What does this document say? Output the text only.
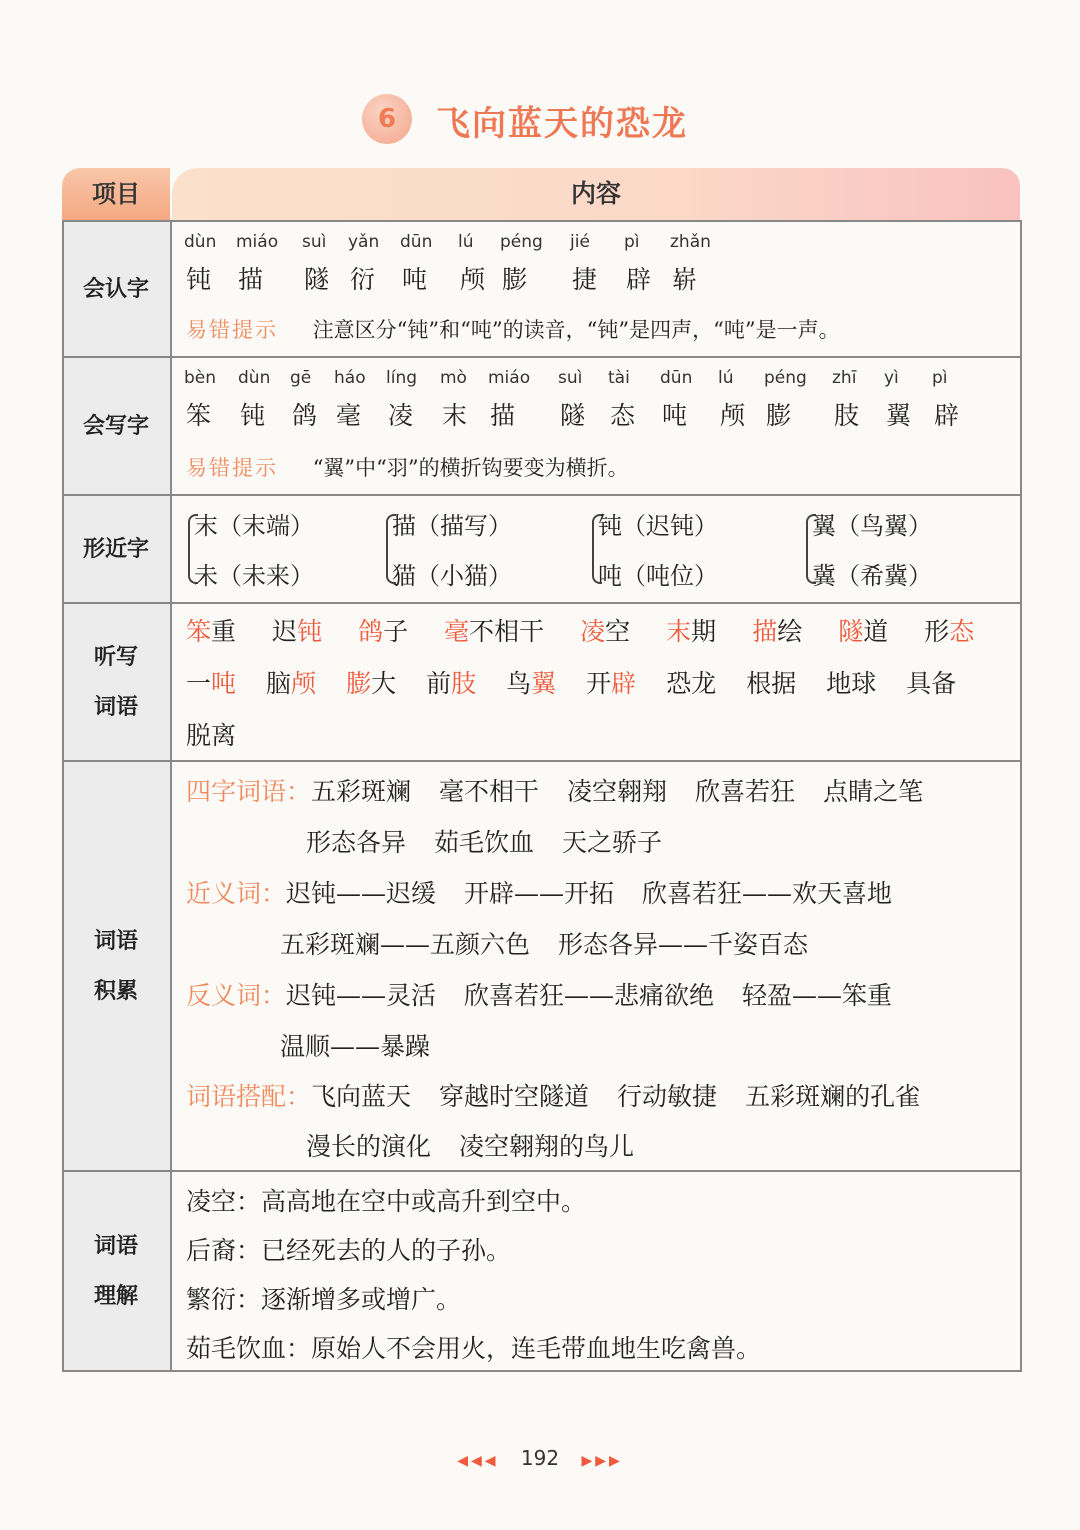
6	飞向蓝天的恐龙
项目	内容
会认字
易错提示 注意区分“钝”和“吨”的读音，“钝”是四声，“吨”是一声。
dùn
钝
miáo
描
suì
隧
yǎn
衍
dūn
吨
lú
颅
péng
膨
jié
捷
pì
辟
zhǎn
崭
会写字
易错提示 “翼”中“羽”的横折钩要变为横折。
bèn
笨
dùn
钝
gē
鸽
háo
毫
líng
凌
mò
末
miáo
描
suì
隧
tài
态
dūn
吨
lú
颅
péng
膨
zhī
肢
yì
翼
pì
辟
形近字
末（末端）
未（未来）
描（描写）
猫（小猫）
钝（迟钝）
吨（吨位）
翼（鸟翼）
冀（希冀）
听写
词语
笨重 迟钝 鸽子 毫不相干 凌空 末期 描绘 隧道 形态
一吨 脑颅 膨大 前肢 鸟翼 开辟 恐龙 根据 地球 具备
脱离
词语
积累
四字词语：五彩斑斓 毫不相干 凌空翱翔 欣喜若狂 点睛之笔
形态各异 茹毛饮血 天之骄子
近义词：迟钝——迟缓 开辟——开拓 欣喜若狂——欢天喜地
五彩斑斓——五颜六色 形态各异——千姿百态
反义词：迟钝——灵活 欣喜若狂——悲痛欲绝 轻盈——笨重
温顺——暴躁
词语搭配：飞向蓝天 穿越时空隧道 行动敏捷 五彩斑斓的孔雀
漫长的演化 凌空翱翔的鸟儿
词语
理解
凌空：高高地在空中或高升到空中。
后裔：已经死去的人的子孙。
繁衍：逐渐增多或增广。
茹毛饮血：原始人不会用火，连毛带血地生吃禽兽。
◀◀◀ 192 ▶▶▶
